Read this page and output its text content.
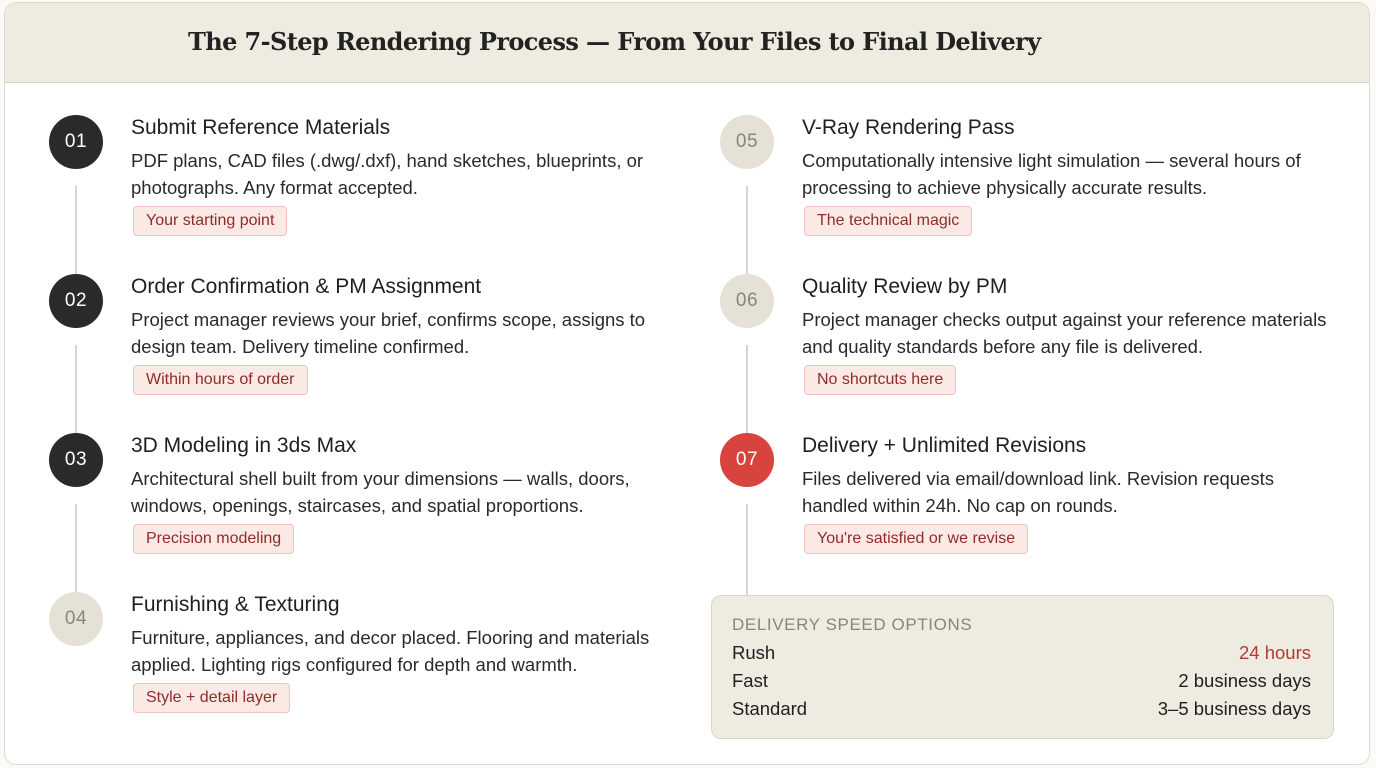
The 7-Step Rendering Process — From Your Files to Final Delivery
01
Submit Reference Materials
PDF plans, CAD files (.dwg/.dxf), hand sketches, blueprints, or photographs. Any format accepted.
Your starting point
02
Order Confirmation & PM Assignment
Project manager reviews your brief, confirms scope, assigns to design team. Delivery timeline confirmed.
Within hours of order
03
3D Modeling in 3ds Max
Architectural shell built from your dimensions — walls, doors, windows, openings, staircases, and spatial proportions.
Precision modeling
04
Furnishing & Texturing
Furniture, appliances, and decor placed. Flooring and materials applied. Lighting rigs configured for depth and warmth.
Style + detail layer
05
V-Ray Rendering Pass
Computationally intensive light simulation — several hours of processing to achieve physically accurate results.
The technical magic
06
Quality Review by PM
Project manager checks output against your reference materials and quality standards before any file is delivered.
No shortcuts here
07
Delivery + Unlimited Revisions
Files delivered via email/download link. Revision requests handled within 24h. No cap on rounds.
You're satisfied or we revise
DELIVERY SPEED OPTIONS
Rush	24 hours
Fast	2 business days
Standard	3–5 business days
